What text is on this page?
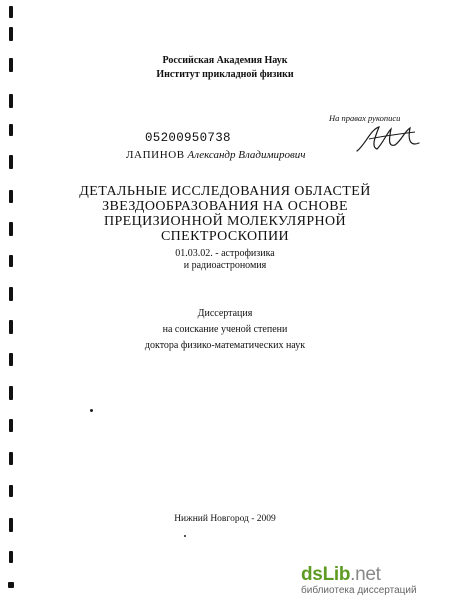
Российская Академия Наук
Институт прикладной физики
На правах рукописи
05200950738
ЛАПИНОВ Александр Владимирович
ДЕТАЛЬНЫЕ ИССЛЕДОВАНИЯ ОБЛАСТЕЙ
ЗВЕЗДООБРАЗОВАНИЯ НА ОСНОВЕ
ПРЕЦИЗИОННОЙ МОЛЕКУЛЯРНОЙ
СПЕКТРОСКОПИИ
01.03.02. - астрофизика
и радиоастрономия
Диссертация
на соискание ученой степени
доктора физико-математических наук
Нижний Новгород - 2009
dsLib.net
библиотека диссертаций
